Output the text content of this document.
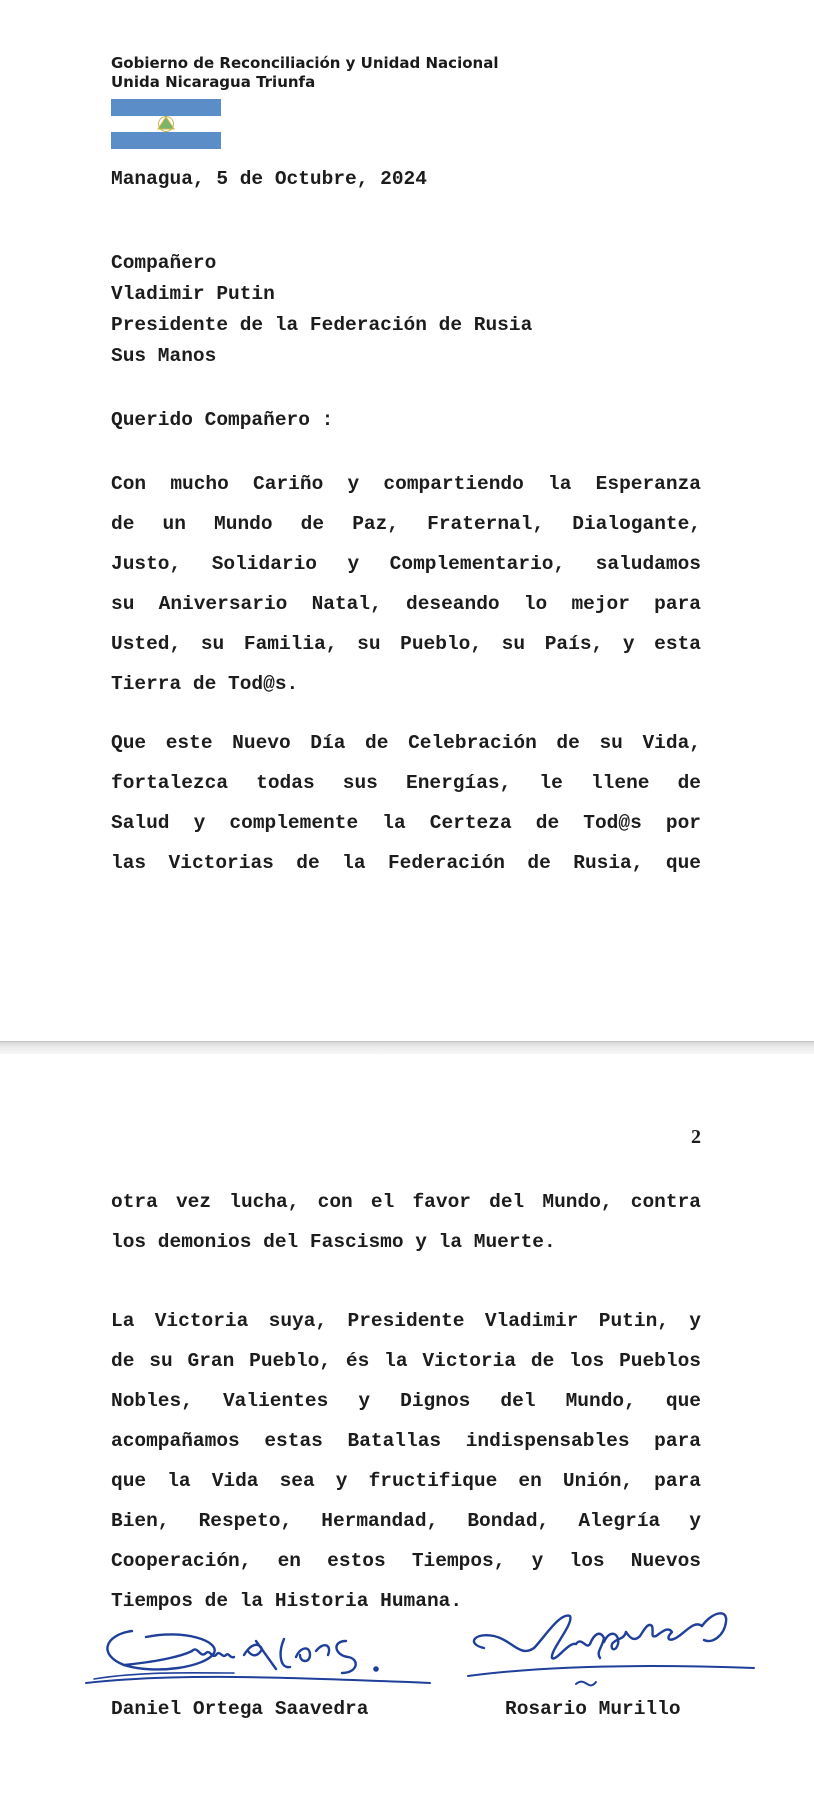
Gobierno de Reconciliación y Unidad Nacional
Unida Nicaragua Triunfa
Managua, 5 de Octubre, 2024
Compañero
Vladimir Putin
Presidente de la Federación de Rusia
Sus Manos
Querido Compañero :
Con mucho Cariño y compartiendo la Esperanza
de un Mundo de Paz, Fraternal, Dialogante,
Justo, Solidario y Complementario, saludamos
su Aniversario Natal, deseando lo mejor para
Usted, su Familia, su Pueblo, su País, y esta
Tierra de Tod@s.
Que este Nuevo Día de Celebración de su Vida,
fortalezca todas sus Energías, le llene de
Salud y complemente la Certeza de Tod@s por
las Victorias de la Federación de Rusia, que
2
otra vez lucha, con el favor del Mundo, contra
los demonios del Fascismo y la Muerte.
La Victoria suya, Presidente Vladimir Putin, y
de su Gran Pueblo, és la Victoria de los Pueblos
Nobles, Valientes y Dignos del Mundo, que
acompañamos estas Batallas indispensables para
que la Vida sea y fructifique en Unión, para
Bien, Respeto, Hermandad, Bondad, Alegría y
Cooperación, en estos Tiempos, y los Nuevos
Tiempos de la Historia Humana.
Daniel Ortega Saavedra	Rosario Murillo
